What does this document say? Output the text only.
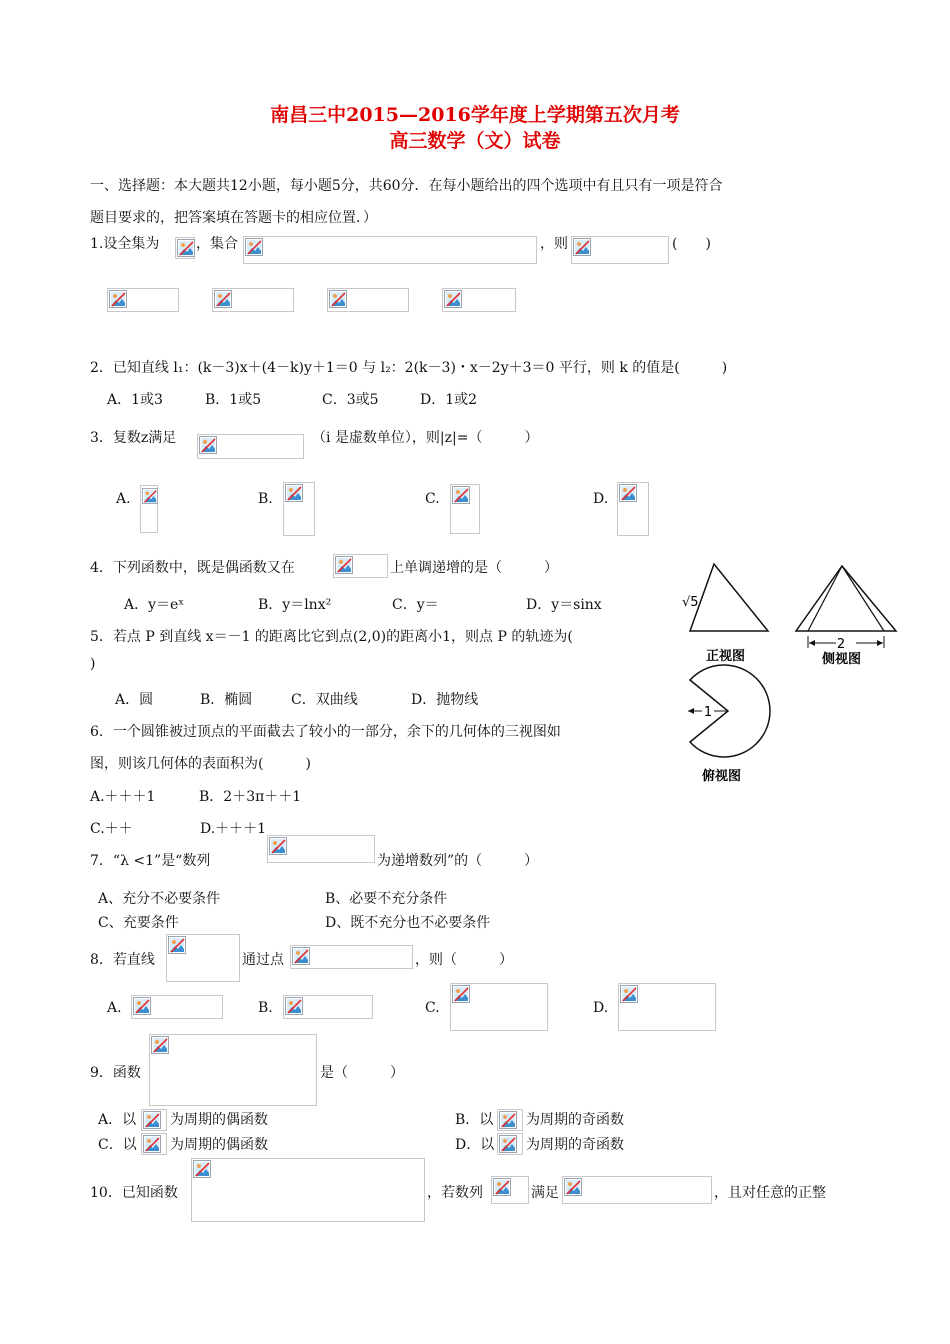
南昌三中2015—2016学年度上学期第五次月考
高三数学（文）试卷
一、选择题：本大题共12小题，每小题5分，共60分．在每小题给出的四个选项中有且只有一项是符合
题目要求的，把答案填在答题卡的相应位置．）
1.设全集为	，集合	，则	(　　)
2．已知直线 l₁：(k－3)x＋(4－k)y＋1＝0 与 l₂：2(k－3)・x－2y＋3＝0 平行，则 k 的值是(　　　)
A．1或3	B．1或5	C．3或5	D．1或2
3．复数z满足	（i 是虚数单位），则|z|=（　　　）
A.	B.	C.	D.
4．下列函数中，既是偶函数又在	上单调递增的是（　　　）
A．y＝eˣ	B．y＝lnx²	C．y＝	D．y＝sinx
5．若点 P 到直线 x＝－1 的距离比它到点(2,0)的距离小1，则点 P 的轨迹为(
)
A．圆	B．椭圆	C．双曲线	D．抛物线
6．一个圆锥被过顶点的平面截去了较小的一部分，余下的几何体的三视图如
图，则该几何体的表面积为(　　　)
A.＋＋＋1	B．2＋3π＋＋1
C.＋＋	D.＋＋＋1
√5
正视图
2
侧视图
1
俯视图
7．“λ <1”是“数列	为递增数列”的（　　　）
A、充分不必要条件	B、必要不充分条件
C、充要条件	D、既不充分也不必要条件
8．若直线	通过点	，则（　　　）
A.	B.	C.	D.
9．函数	是（　　　）
A．以 为周期的偶函数	B．以 为周期的奇函数
C．以 为周期的偶函数	D．以 为周期的奇函数
10．已知函数	，若数列	满足	，且对任意的正整
